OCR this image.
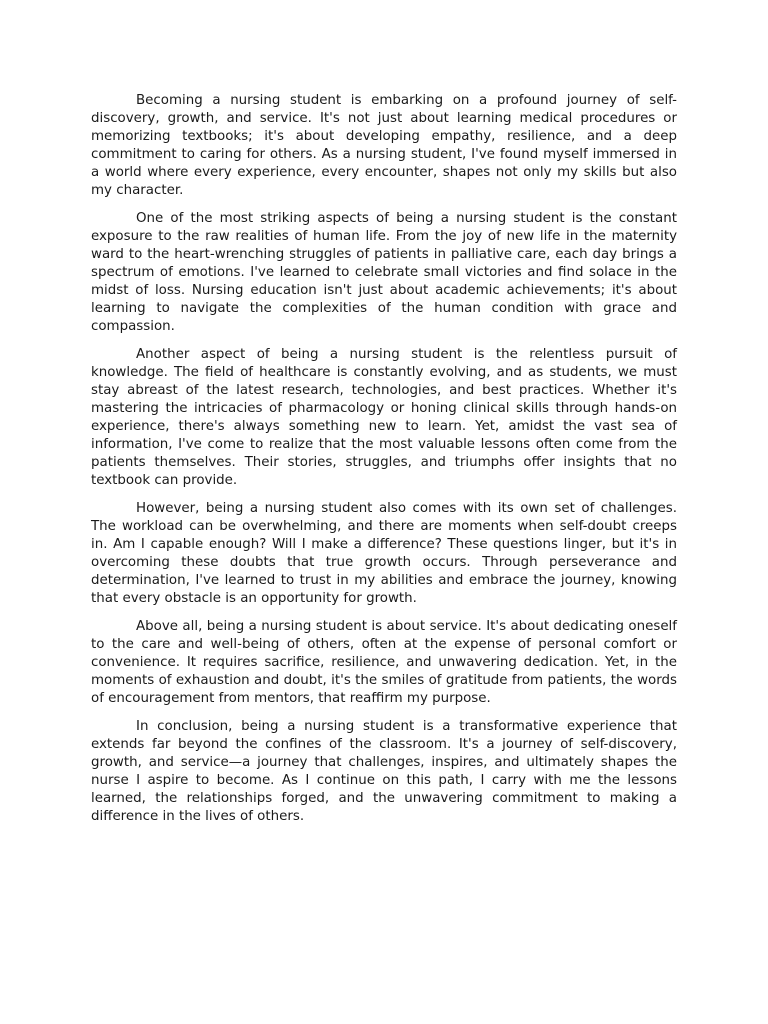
Becoming a nursing student is embarking on a profound journey of self-discovery, growth, and service. It's not just about learning medical procedures or memorizing textbooks; it's about developing empathy, resilience, and a deep commitment to caring for others. As a nursing student, I've found myself immersed in a world where every experience, every encounter, shapes not only my skills but also my character.

One of the most striking aspects of being a nursing student is the constant exposure to the raw realities of human life. From the joy of new life in the maternity ward to the heart-wrenching struggles of patients in palliative care, each day brings a spectrum of emotions. I've learned to celebrate small victories and find solace in the midst of loss. Nursing education isn't just about academic achievements; it's about learning to navigate the complexities of the human condition with grace and compassion.

Another aspect of being a nursing student is the relentless pursuit of knowledge. The field of healthcare is constantly evolving, and as students, we must stay abreast of the latest research, technologies, and best practices. Whether it's mastering the intricacies of pharmacology or honing clinical skills through hands-on experience, there's always something new to learn. Yet, amidst the vast sea of information, I've come to realize that the most valuable lessons often come from the patients themselves. Their stories, struggles, and triumphs offer insights that no textbook can provide.

However, being a nursing student also comes with its own set of challenges. The workload can be overwhelming, and there are moments when self-doubt creeps in. Am I capable enough? Will I make a difference? These questions linger, but it's in overcoming these doubts that true growth occurs. Through perseverance and determination, I've learned to trust in my abilities and embrace the journey, knowing that every obstacle is an opportunity for growth.

Above all, being a nursing student is about service. It's about dedicating oneself to the care and well-being of others, often at the expense of personal comfort or convenience. It requires sacrifice, resilience, and unwavering dedication. Yet, in the moments of exhaustion and doubt, it's the smiles of gratitude from patients, the words of encouragement from mentors, that reaffirm my purpose.

In conclusion, being a nursing student is a transformative experience that extends far beyond the confines of the classroom. It's a journey of self-discovery, growth, and service—a journey that challenges, inspires, and ultimately shapes the nurse I aspire to become. As I continue on this path, I carry with me the lessons learned, the relationships forged, and the unwavering commitment to making a difference in the lives of others.
